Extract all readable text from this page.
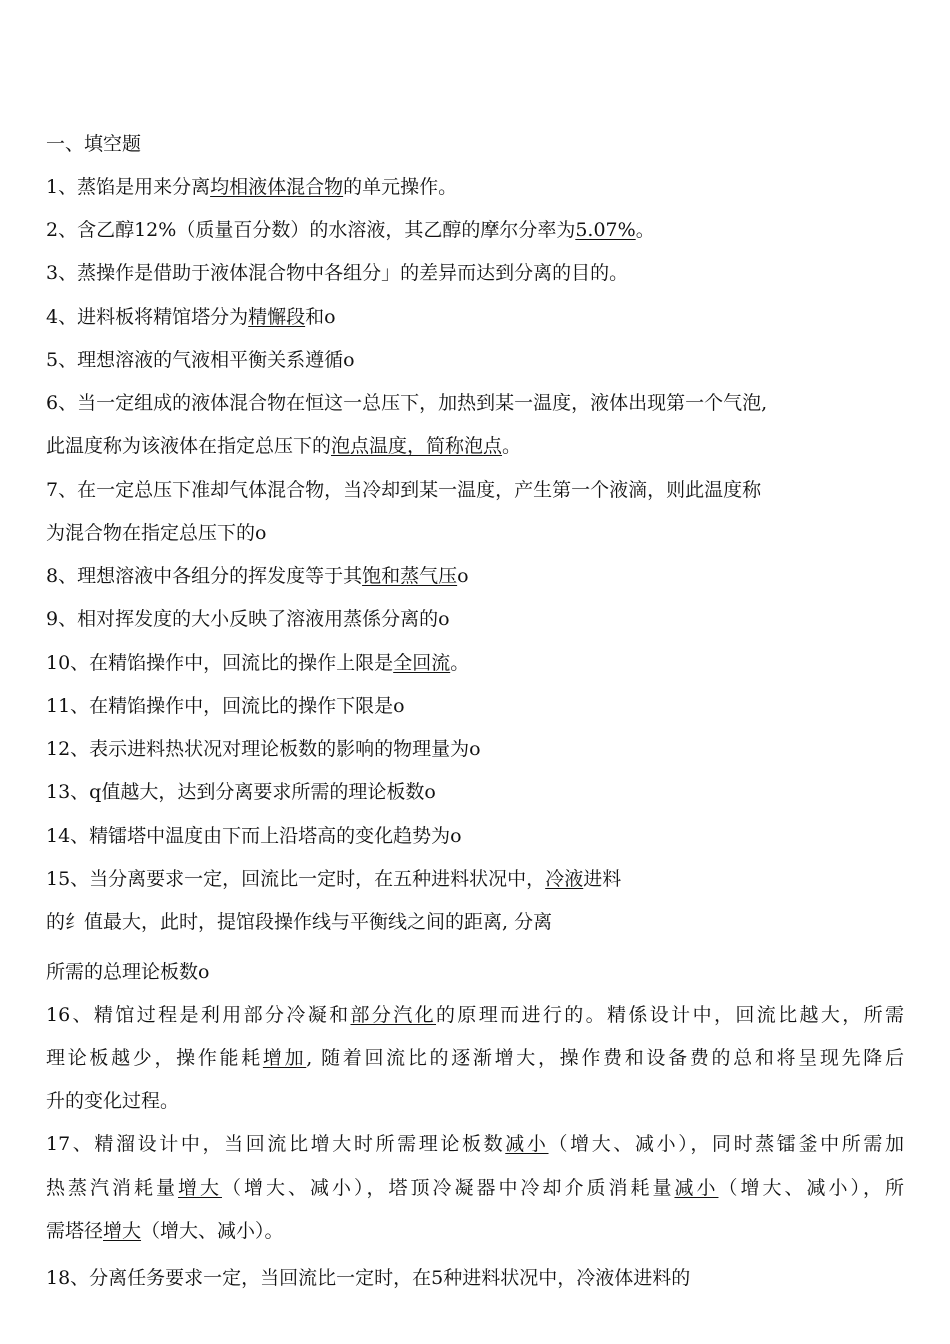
一、填空题

1、蒸馅是用来分离均相液体混合物的单元操作。

2、含乙醇12%（质量百分数）的水溶液，其乙醇的摩尔分率为5.07%。

3、蒸操作是借助于液体混合物中各组分」的差异而达到分离的目的。

4、进料板将精馆塔分为精懈段和o

5、理想溶液的气液相平衡关系遵循o

6、当一定组成的液体混合物在恒这一总压下，加热到某一温度，液体出现第一个气泡,

此温度称为该液体在指定总压下的泡点温度，简称泡点。

7、在一定总压下准却气体混合物，当冷却到某一温度，产生第一个液滴，则此温度称

为混合物在指定总压下的o

8、理想溶液中各组分的挥发度等于其饱和蒸气压o

9、相对挥发度的大小反映了溶液用蒸係分离的o

10、在精馅操作中，回流比的操作上限是全回流。

11、在精馅操作中，回流比的操作下限是o

12、表示进料热状况对理论板数的影响的物理量为o

13、q值越大，达到分离要求所需的理论板数o

14、精镭塔中温度由下而上沿塔高的变化趋势为o

15、当分离要求一定，回流比一定时，在五种进料状况中，冷液进料

的纟值最大，此时，提馆段操作线与平衡线之间的距离, 分离

所需的总理论板数o

16、精馆过程是利用部分冷凝和部分汽化的原理而进行的。精係设计中，回流比越大，所需

理论板越少，操作能耗增加, 随着回流比的逐渐增大，操作费和设备费的总和将呈现先降后

升的变化过程。

17、精溜设计中，当回流比增大时所需理论板数减小（增大、减小），同时蒸镭釜中所需加

热蒸汽消耗量增大（增大、减小），塔顶冷凝器中冷却介质消耗量减小（增大、减小），所

需塔径增大（增大、减小）。

18、分离任务要求一定，当回流比一定时，在5种进料状况中，冷液体进料的
